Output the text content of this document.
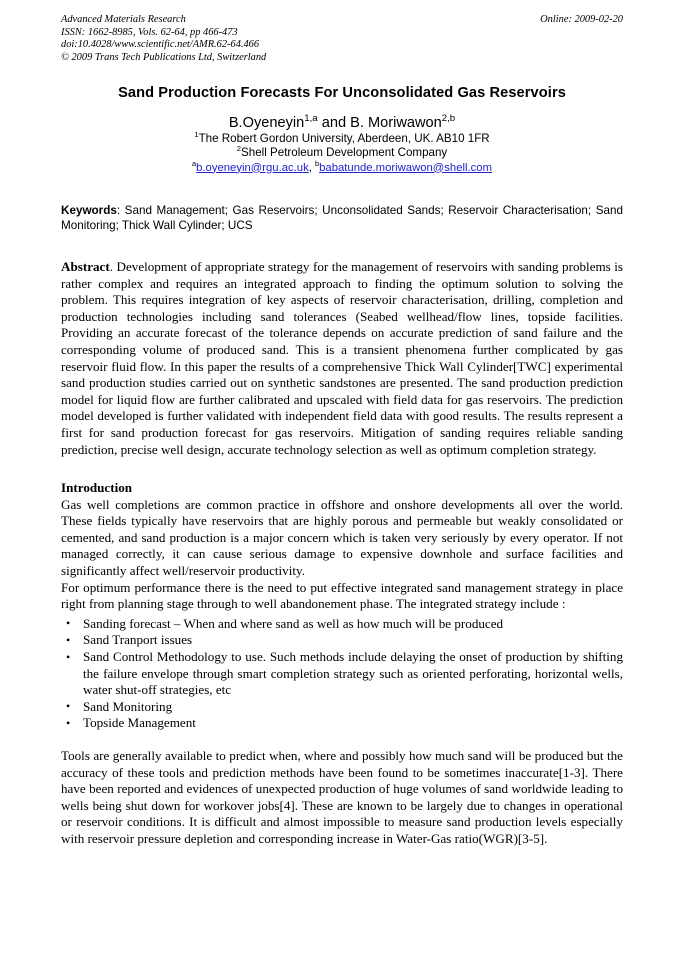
Advanced Materials Research
ISSN: 1662-8985, Vols. 62-64, pp 466-473
doi:10.4028/www.scientific.net/AMR.62-64.466
© 2009 Trans Tech Publications Ltd, Switzerland
Online: 2009-02-20
Sand Production Forecasts For Unconsolidated Gas Reservoirs
B.Oyeneyin$^{1,a}$ and B. Moriwawon$^{2,b}$
$^1$The Robert Gordon University, Aberdeen, UK. AB10 1FR
$^2$Shell Petroleum Development Company
$^a$b.oyeneyin@rgu.ac.uk, $^b$babatunde.moriwawon@shell.com
Keywords: Sand Management; Gas Reservoirs; Unconsolidated Sands; Reservoir Characterisation; Sand Monitoring; Thick Wall Cylinder; UCS
Abstract. Development of appropriate strategy for the management of reservoirs with sanding problems is rather complex and requires an integrated approach to finding the optimum solution to solving the problem. This requires integration of key aspects of reservoir characterisation, drilling, completion and production technologies including sand tolerances (Seabed wellhead/flow lines, topside facilities. Providing an accurate forecast of the tolerance depends on accurate prediction of sand failure and the corresponding volume of produced sand. This is a transient phenomena further complicated by gas reservoir fluid flow. In this paper the results of a comprehensive Thick Wall Cylinder[TWC] experimental sand production studies carried out on synthetic sandstones are presented. The sand production prediction model for liquid flow are further calibrated and upscaled with field data for gas reservoirs. The prediction model developed is further validated with independent field data with good results. The results represent a first for sand production forecast for gas reservoirs. Mitigation of sanding requires reliable sanding prediction, precise well design, accurate technology selection as well as optimum completion strategy.
Introduction
Gas well completions are common practice in offshore and onshore developments all over the world. These fields typically have reservoirs that are highly porous and permeable but weakly consolidated or cemented, and sand production is a major concern which is taken very seriously by every operator. If not managed correctly, it can cause serious damage to expensive downhole and surface facilities and significantly affect well/reservoir productivity.
For optimum performance there is the need to put effective integrated sand management strategy in place right from planning stage through to well abandonement phase. The integrated strategy include :
• Sanding forecast – When and where sand as well as how much will be produced
• Sand Tranport issues
• Sand Control Methodology to use. Such methods include delaying the onset of production by shifting the failure envelope through smart completion strategy such as oriented perforating, horizontal wells, water shut-off strategies, etc
• Sand Monitoring
• Topside Management
Tools are generally available to predict when, where and possibly how much sand will be produced but the accuracy of these tools and prediction methods have been found to be sometimes inaccurate[1-3]. There have been reported and evidences of unexpected production of huge volumes of sand worldwide leading to wells being shut down for workover jobs[4]. These are known to be largely due to changes in operational or reservoir conditions. It is difficult and almost impossible to measure sand production levels especially with reservoir pressure depletion and corresponding increase in Water-Gas ratio(WGR)[3-5].
